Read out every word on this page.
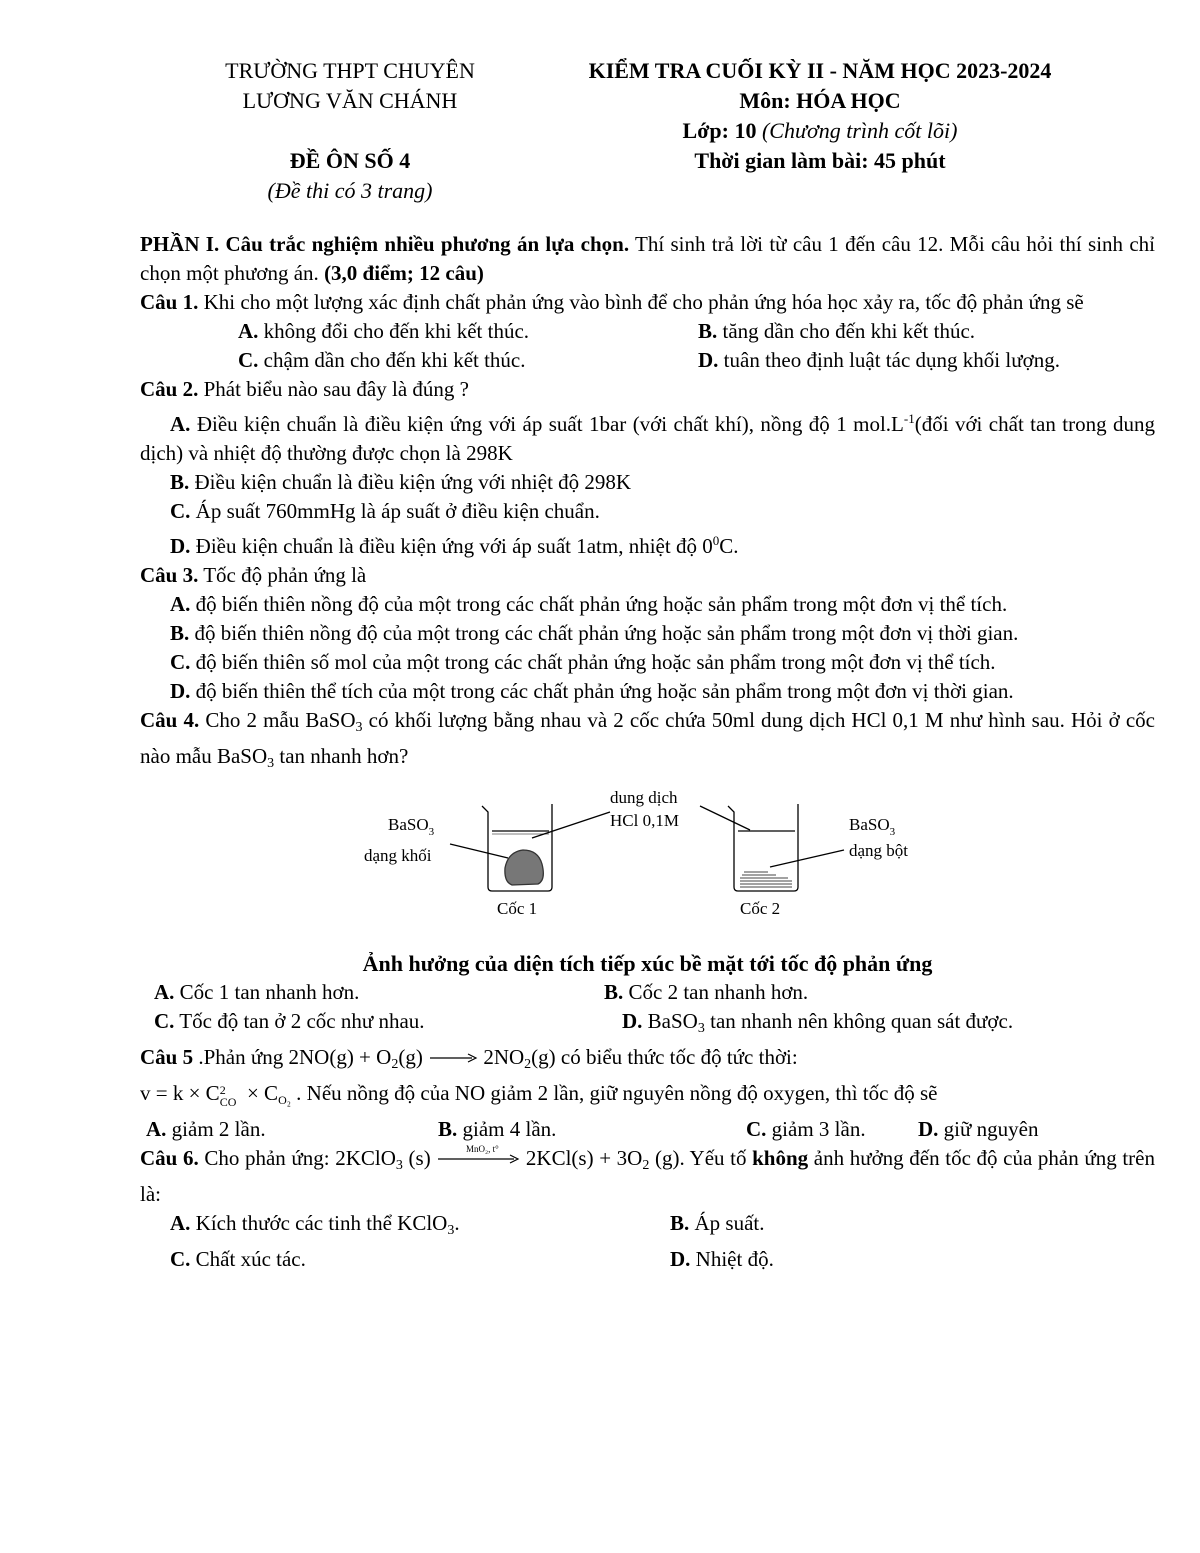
TRƯỜNG THPT CHUYÊN
LƯƠNG VĂN CHÁNH
ĐỀ ÔN SỐ 4
(Đề thi có 3 trang)
KIỂM TRA CUỐI KỲ II - NĂM HỌC 2023-2024
Môn: HÓA HỌC
Lớp: 10 (Chương trình cốt lõi)
Thời gian làm bài: 45 phút

PHẦN I. Câu trắc nghiệm nhiều phương án lựa chọn. Thí sinh trả lời từ câu 1 đến câu 12. Mỗi câu hỏi thí sinh chỉ chọn một phương án. (3,0 điểm; 12 câu)

Câu 1. Khi cho một lượng xác định chất phản ứng vào bình để cho phản ứng hóa học xảy ra, tốc độ phản ứng sẽ

A. không đổi cho đến khi kết thúc.	B. tăng dần cho đến khi kết thúc.
C. chậm dần cho đến khi kết thúc.	D. tuân theo định luật tác dụng khối lượng.

Câu 2. Phát biểu nào sau đây là đúng ?

A. Điều kiện chuẩn là điều kiện ứng với áp suất 1bar (với chất khí), nồng độ 1 $mol.L^{-1}(đối$ với chất tan trong dung dịch) và nhiệt độ thường được chọn là 298K

B. Điều kiện chuẩn là điều kiện ứng với nhiệt độ 298K

C. Áp suất 760mmHg là áp suất ở điều kiện chuẩn.

D. Điều kiện chuẩn là điều kiện ứng với áp suất 1atm, nhiệt độ $0^0C$.

Câu 3. Tốc độ phản ứng là

A. độ biến thiên nồng độ của một trong các chất phản ứng hoặc sản phẩm trong một đơn vị thể tích.

B. độ biến thiên nồng độ của một trong các chất phản ứng hoặc sản phẩm trong một đơn vị thời gian.

C. độ biến thiên số mol của một trong các chất phản ứng hoặc sản phẩm trong một đơn vị thể tích.

D. độ biến thiên thể tích của một trong các chất phản ứng hoặc sản phẩm trong một đơn vị thời gian.

Câu 4. Cho 2 mẫu BaSO$_3$ có khối lượng bằng nhau và 2 cốc chứa 50ml dung dịch HCl 0,1 M như hình sau. Hỏi ở cốc nào mẫu BaSO$_3$ tan nhanh hơn?

BaSO$_3$
dạng khối
dung dịch
HCl 0,1M	BaSO$_3$
dạng bột
Cốc 1	Cốc 2

Ảnh hưởng của diện tích tiếp xúc bề mặt tới tốc độ phản ứng

A. Cốc 1 tan nhanh hơn.	B. Cốc 2 tan nhanh hơn.
C. Tốc độ tan ở 2 cốc như nhau.	D. BaSO$_3$ tan nhanh nên không quan sát được.

Câu 5 .Phản ứng $2NO(g) + O_2(g)$  $2NO_2(g)$ có biểu thức tốc độ tức thời:

v = k × C 2
CO × $C_{O_2}$ . Nếu nồng độ của NO giảm 2 lần, giữ nguyên nồng độ oxygen, thì tốc độ sẽ

A. giảm 2 lần.	B. giảm 4 lần.	C. giảm 3 lần.	D. giữ nguyên

Câu 6. Cho phản ứng: 2KClO$_3$ (s)	MnO₂, t° $2KCl(s) + 3O_2$ (g). Yếu tố không ảnh hưởng đến tốc độ của phản ứng trên là:

A. Kích thước các tinh thể KClO$_3$.	B. Áp suất.
C. Chất xúc tác.	D. Nhiệt độ.
